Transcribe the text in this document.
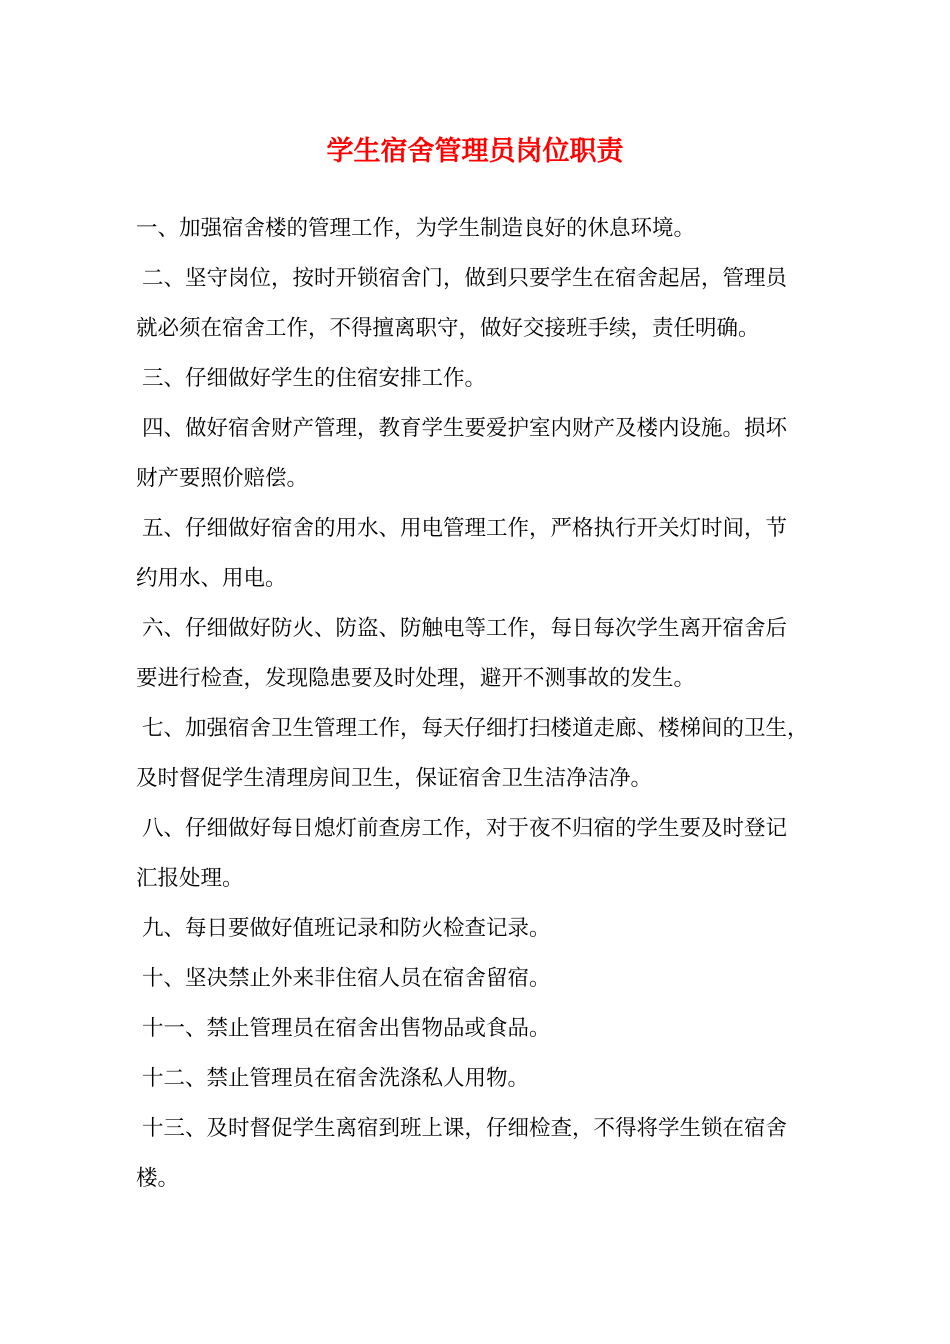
学生宿舍管理员岗位职责
一、加强宿舍楼的管理工作，为学生制造良好的休息环境。
二、坚守岗位，按时开锁宿舍门，做到只要学生在宿舍起居，管理员
就必须在宿舍工作，不得擅离职守，做好交接班手续，责任明确。
三、仔细做好学生的住宿安排工作。
四、做好宿舍财产管理，教育学生要爱护室内财产及楼内设施。损坏
财产要照价赔偿。
五、仔细做好宿舍的用水、用电管理工作，严格执行开关灯时间，节
约用水、用电。
六、仔细做好防火、防盗、防触电等工作，每日每次学生离开宿舍后
要进行检查，发现隐患要及时处理，避开不测事故的发生。
七、加强宿舍卫生管理工作，每天仔细打扫楼道走廊、楼梯间的卫生，
及时督促学生清理房间卫生，保证宿舍卫生洁净洁净。
八、仔细做好每日熄灯前查房工作，对于夜不归宿的学生要及时登记
汇报处理。
九、每日要做好值班记录和防火检查记录。
十、坚决禁止外来非住宿人员在宿舍留宿。
十一、禁止管理员在宿舍出售物品或食品。
十二、禁止管理员在宿舍洗涤私人用物。
十三、及时督促学生离宿到班上课，仔细检查，不得将学生锁在宿舍
楼。
